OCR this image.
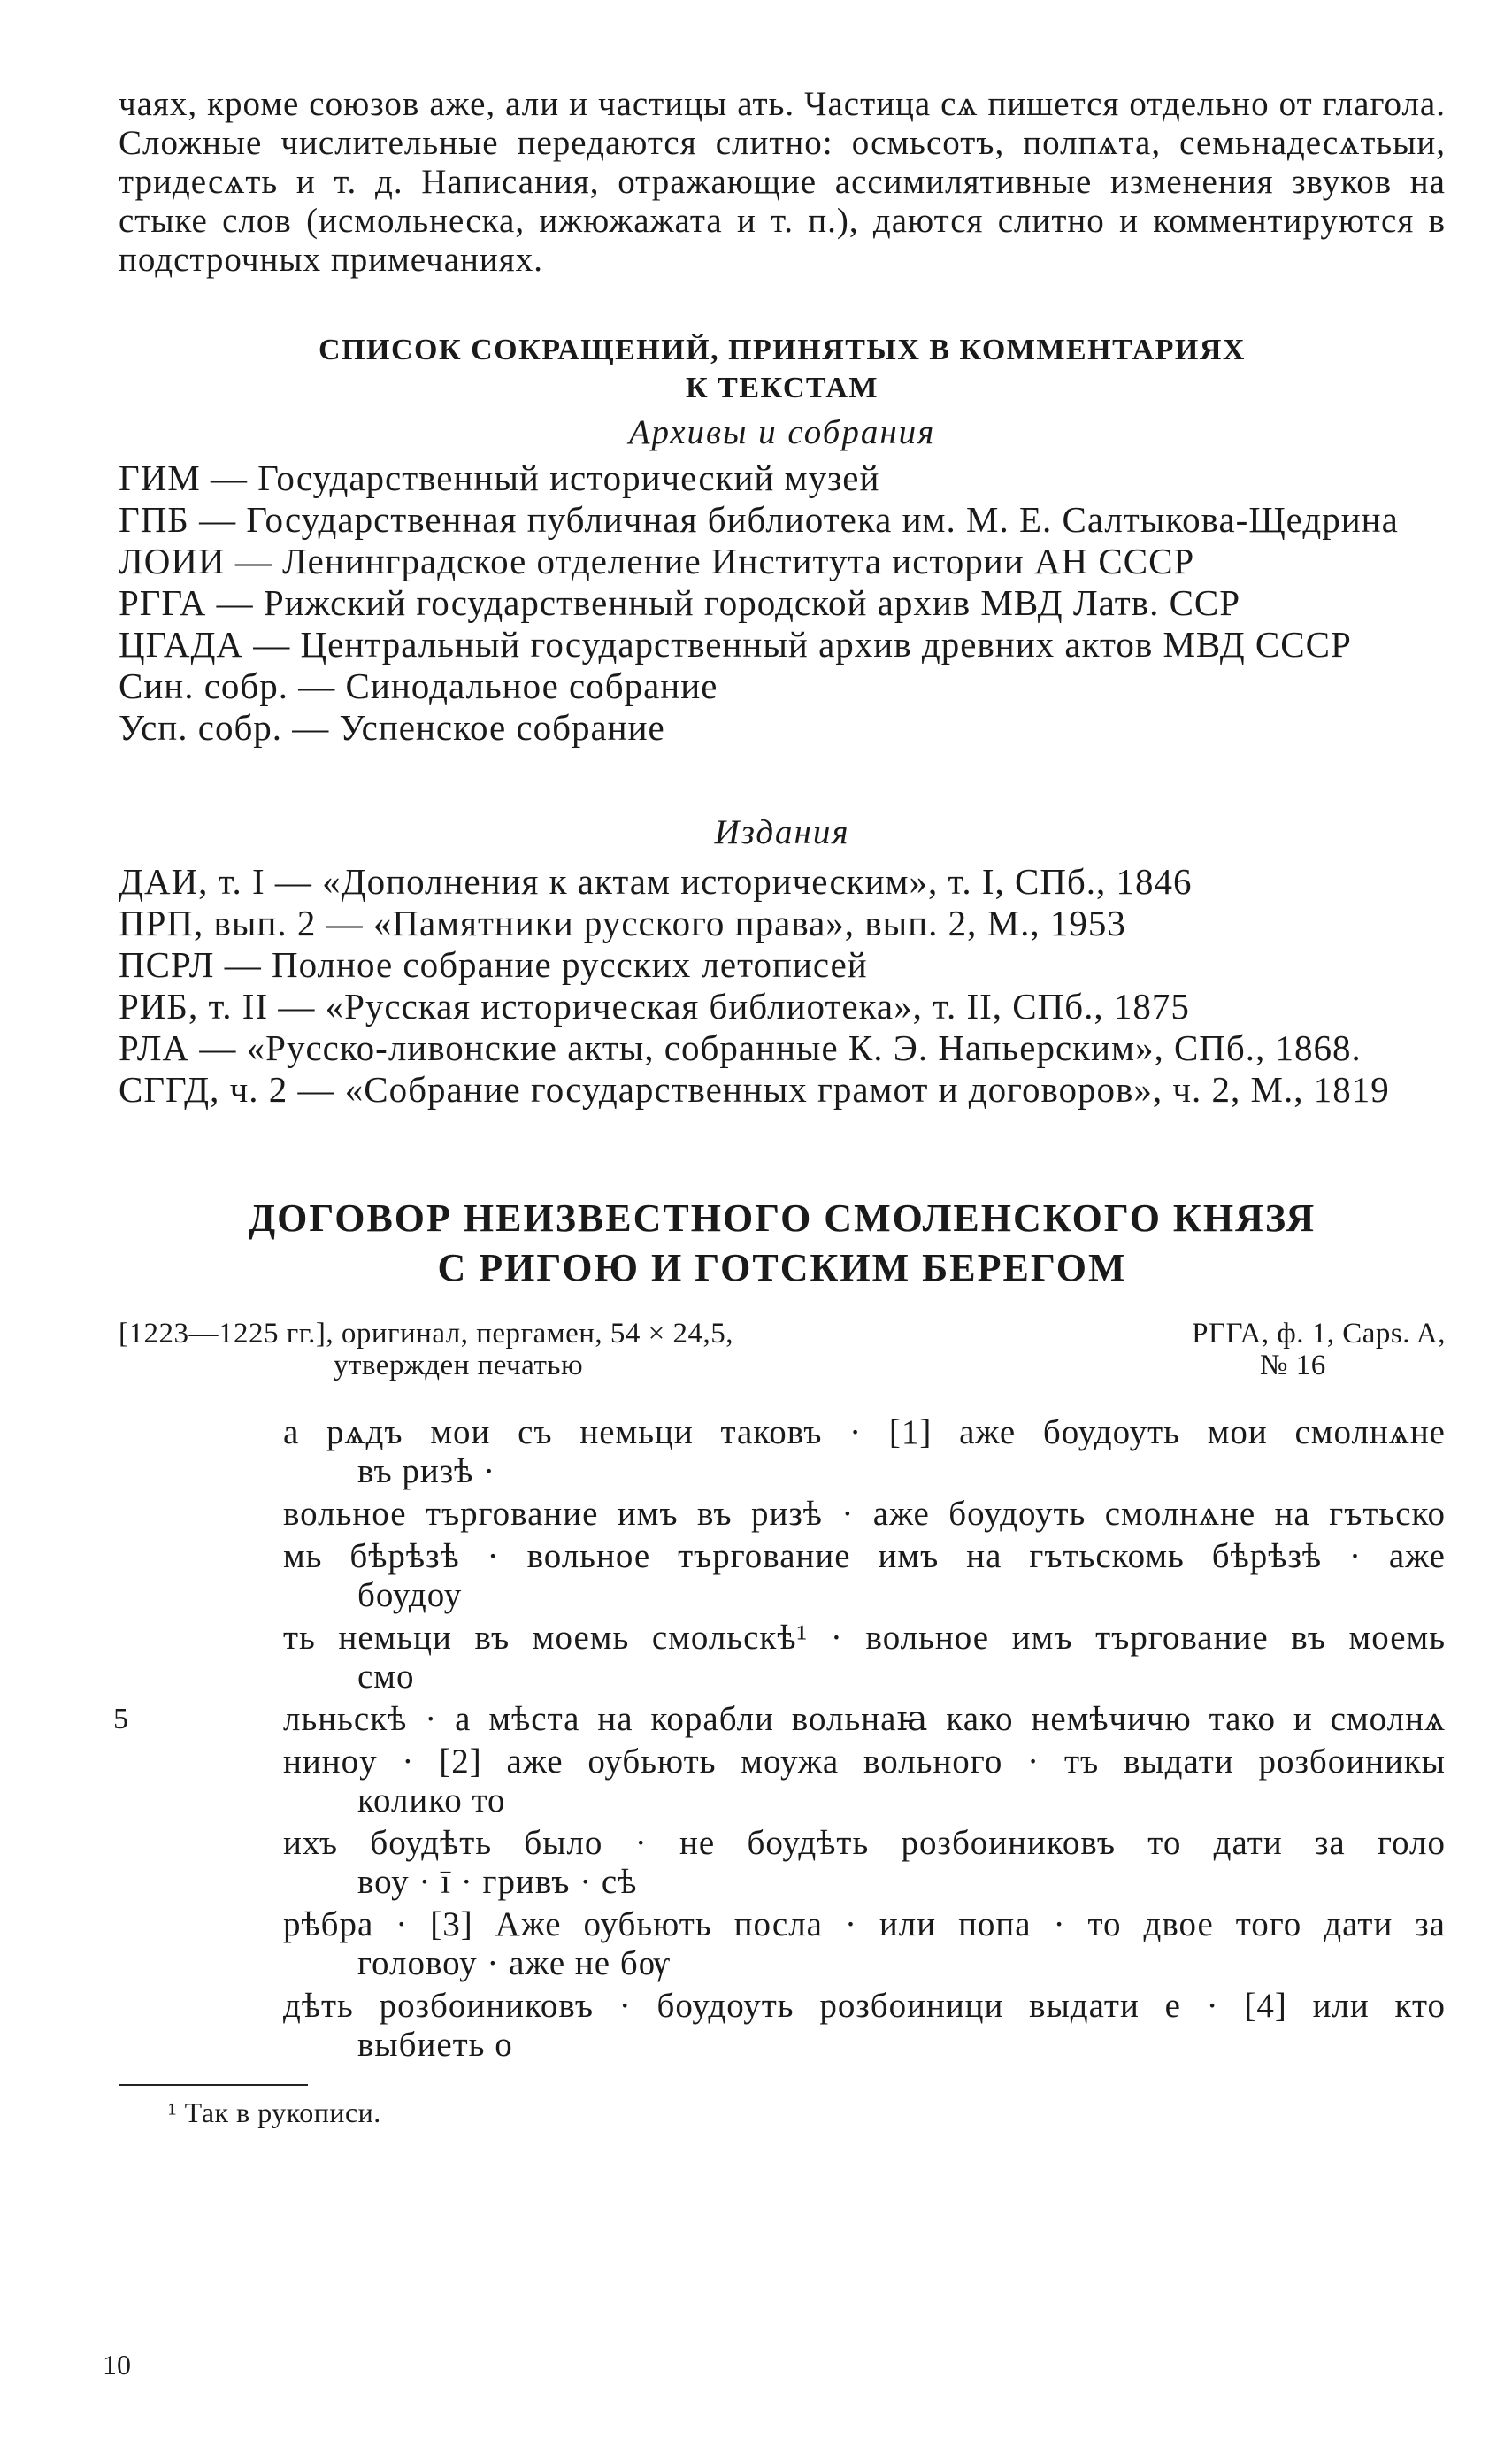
чаях, кроме союзов аже, али и частицы ать. Частица сѧ пишется отдельно от глагола. Сложные числительные передаются слитно: осмьсотъ, полпѧта, семьнадесѧтьыи, тридесѧть и т. д. Написания, отражающие ассимилятивные изменения звуков на стыке слов (исмольнеска, ижюжажата и т. п.), даются слитно и комментируются в подстрочных примечаниях.

СПИСОК СОКРАЩЕНИЙ, ПРИНЯТЫХ В КОММЕНТАРИЯХ
К ТЕКСТАМ
Архивы и собрания
ГИМ — Государственный исторический музей
ГПБ — Государственная публичная библиотека им. М. Е. Салтыкова-Щедрина
ЛОИИ — Ленинградское отделение Института истории АН СССР
РГГА — Рижский государственный городской архив МВД Латв. ССР
ЦГАДА — Центральный государственный архив древних актов МВД СССР
Син. собр. — Синодальное собрание
Усп. собр. — Успенское собрание
Издания
ДАИ, т. I — «Дополнения к актам историческим», т. I, СПб., 1846
ПРП, вып. 2 — «Памятники русского права», вып. 2, М., 1953
ПСРЛ — Полное собрание русских летописей
РИБ, т. II — «Русская историческая библиотека», т. II, СПб., 1875
РЛА — «Русско-ливонские акты, собранные К. Э. Напьерским», СПб., 1868.
СГГД, ч. 2 — «Собрание государственных грамот и договоров», ч. 2, М., 1819
ДОГОВОР НЕИЗВЕСТНОГО СМОЛЕНСКОГО КНЯЗЯ
С РИГОЮ И ГОТСКИМ БЕРЕГОМ
[1223—1225 гг.], оригинал, пергамен, 54 × 24,5,
утвержден печатью
РГГА, ф. 1, Caps. A,
№ 16
а рѧдъ мои съ немьци таковъ · [1] аже боудоуть мои смолнѧне
въ ризѣ ·
вольное търгование имъ въ ризѣ · аже боудоуть смолнѧне на гътьско
мь бѣрѣзѣ · вольное търгование имъ на гътьскомь бѣрѣзѣ · аже
боудоу
ть немьци въ моемь смольскѣ¹ · вольное имъ търгование въ моемь
смо
5	льньскѣ · а мѣста на корабли вольнаꙗ како немѣчичю тако и смолнѧ
нинoу · [2] аже оубьють моужа вольного · тъ выдати розбоиникы
колико то
ихъ боудѣть было · не боудѣть розбоиниковъ то дати за голо
воу · ī · гривъ · сѣ
рѣбра · [3] Аже оубьють посла · или попа · то двое того дати за
головоу · аже не бѹ
дѣть розбоиниковъ · боудоуть розбоиници выдати е · [4] или кто
выбиеть о
¹ Так в рукописи.
10
